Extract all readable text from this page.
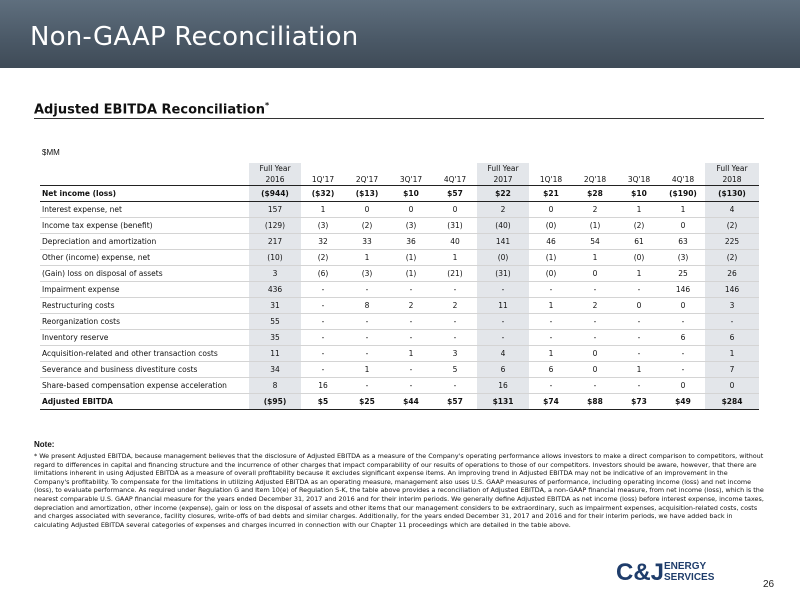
Non-GAAP Reconciliation
Adjusted EBITDA Reconciliation*
$MM
	Full Year					Full Year					Full Year
	2016	1Q'17	2Q'17	3Q'17	4Q'17	2017	1Q'18	2Q'18	3Q'18	4Q'18	2018
Net income (loss)	($944)	($32)	($13)	$10	$57	$22	$21	$28	$10	($190)	($130)
Interest expense, net	157	1	0	0	0	2	0	2	1	1	4
Income tax expense (benefit)	(129)	(3)	(2)	(3)	(31)	(40)	(0)	(1)	(2)	0	(2)
Depreciation and amortization	217	32	33	36	40	141	46	54	61	63	225
Other (income) expense, net	(10)	(2)	1	(1)	1	(0)	(1)	1	(0)	(3)	(2)
(Gain) loss on disposal of assets	3	(6)	(3)	(1)	(21)	(31)	(0)	0	1	25	26
Impairment expense	436	-	-	-	-	-	-	-	-	146	146
Restructuring costs	31	-	8	2	2	11	1	2	0	0	3
Reorganization costs	55	-	-	-	-	-	-	-	-	-	-
Inventory reserve	35	-	-	-	-	-	-	-	-	6	6
Acquisition-related and other transaction costs	11	-	-	1	3	4	1	0	-	-	1
Severance and business divestiture costs	34	-	1	-	5	6	6	0	1	-	7
Share-based compensation expense acceleration	8	16	-	-	-	16	-	-	-	0	0
Adjusted EBITDA	($95)	$5	$25	$44	$57	$131	$74	$88	$73	$49	$284
Note:
* We present Adjusted EBITDA, because management believes that the disclosure of Adjusted EBITDA as a measure of the Company's operating performance allows investors to make a direct comparison to competitors, without regard to differences in capital and financing structure and the incurrence of other charges that impact comparability of our results of operations to those of our competitors. Investors should be aware, however, that there are limitations inherent in using Adjusted EBITDA as a measure of overall profitability because it excludes significant expense items. An improving trend in Adjusted EBITDA may not be indicative of an improvement in the Company's profitability. To compensate for the limitations in utilizing Adjusted EBITDA as an operating measure, management also uses U.S. GAAP measures of performance, including operating income (loss) and net income (loss), to evaluate performance. As required under Regulation G and Item 10(e) of Regulation S-K, the table above provides a reconciliation of Adjusted EBITDA, a non-GAAP financial measure, from net income (loss), which is the nearest comparable U.S. GAAP financial measure for the years ended December 31, 2017 and 2016 and for their interim periods. We generally define Adjusted EBITDA as net income (loss) before interest expense, income taxes, depreciation and amortization, other income (expense), gain or loss on the disposal of assets and other items that our management considers to be extraordinary, such as impairment expenses, acquisition-related costs, costs and charges associated with severance, facility closures, write-offs of bad debts and similar charges. Additionally, for the years ended December 31, 2017 and 2016 and for their interim periods, we have added back in calculating Adjusted EBITDA several categories of expenses and charges incurred in connection with our Chapter 11 proceedings which are detailed in the table above.
C&J ENERGY
SERVICES
26
